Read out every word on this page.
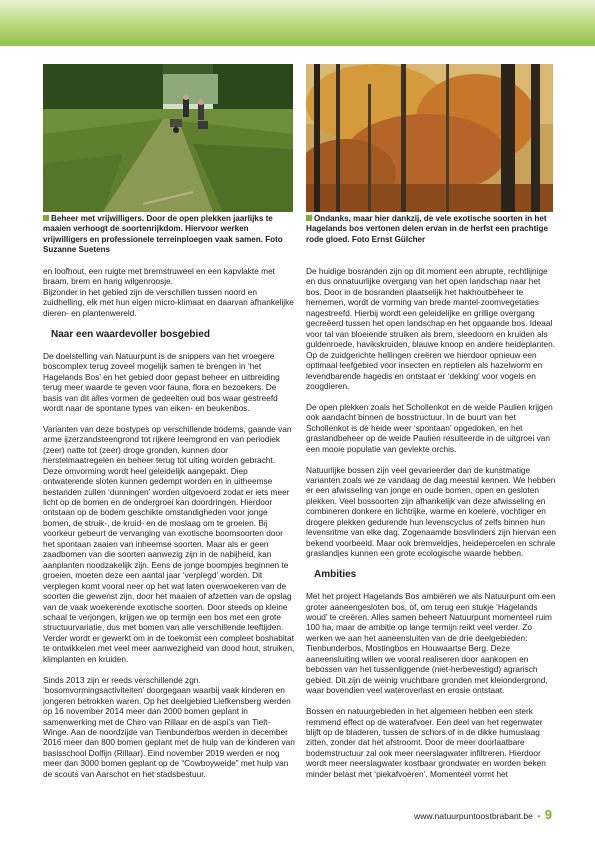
Beheer met vrijwilligers. Door de open plekken jaarlijks te maaien verhoogt de soortenrijkdom. Hiervoor werken vrijwilligers en professionele terreinploegen vaak samen. Foto Suzanne Suetens
Ondanks, maar hier dankzij, de vele exotische soorten in het Hagelands bos vertonen delen ervan in de herfst een prachtige rode gloed. Foto Ernst Gülcher

en loofhout, een ruigte met bremstruweel en een kapvlakte met braam, brem en harig wilgenroosje.
Bijzonder in het gebied zijn de verschillen tussen noord en zuidhelling, elk met hun eigen micro-klimaat en daarvan afhankelijke dieren- en plantenwereld.

Naar een waardevoller bosgebied

De doelstelling van Natuurpunt is de snippers van het vroegere boscomplex terug zoveel mogelijk samen te brengen in ‘het Hagelands Bos’ en het gebied door gepast beheer en uitbreiding terug meer waarde te geven voor fauna, flora en bezoekers. De basis van dit alles vormen de gedeelten oud bos waar gestreefd wordt naar de spontane types van eiken- en beukenbos.

Varianten van deze bostypes op verschillende bodems, gaande van arme ijzerzandsteengrond tot rijkere leemgrond en van periodiek (zeer) natte tot (zeer) droge gronden, kunnen door herstelmaatregelen en beheer terug tot uiting worden gebracht. Deze omvorming wordt heel geleidelijk aangepakt. Diep ontwaterende sloten kunnen gedempt worden en in uitheemse bestanden zullen ‘dunningen’ worden uitgevoerd zodat er iets meer licht op de bomen en de ondergroei kan doordringen. Hierdoor ontstaan op de bodem geschikte omstandigheden voor jonge bomen, de struik-, de kruid- en de moslaag om te groeien. Bij voorkeur gebeurt de vervanging van exotische boomsoorten door het spontaan zaaien van inheemse soorten. Maar als er geen zaadbomen van die soorten aanwezig zijn in de nabijheid, kan aanplanten noodzakelijk zijn. Eens de jonge boompjes beginnen te groeien, moeten deze een aantal jaar ‘verplegd’ worden. Dit verplegen komt vooral neer op het wat laten overwoekeren van de soorten die gewenst zijn, door het maaien of afzetten van de opslag van de vaak woekerende exotische soorten. Door steeds op kleine schaal te verjongen, krijgen we op termijn een bos met een grote structuurvariatie, dus met bomen van alle verschillende leeftijden. Verder wordt er gewerkt om in de toekomst een compleet boshabitat te ontwikkelen met veel meer aanwezigheid van dood hout, struiken, klimplanten en kruiden.

Sinds 2013 zijn er reeds verschillende zgn. ‘bosomvormingsactiviteiten’ doorgegaan waarbij vaak kinderen en jongeren betrokken waren. Op het deelgebied Liefkensberg werden op 16 november 2014 meer dan 2000 bomen geplant in samenwerking met de Chiro van Rillaar en de aspi’s van Tielt-Winge. Aan de noordzijde van Tienbunderbos werden in december 2016 meer dan 800 bomen geplant met de hulp van de kinderen van basisschool Dolfijn (Rillaar). Eind november 2019 werden er nog meer dan 3000 bomen geplant op de “Cowboyweide” met hulp van de scouts van Aarschot en het stadsbestuur.

De huidige bosranden zijn op dit moment een abrupte, rechtlijnige en dus onnatuurlijke overgang van het open landschap naar het bos. Door in de bosranden plaatselijk het hakhoutbeheer te hernemen, wordt de vorming van brede mantel-zoomvegetaties nagestreefd. Hierbij wordt een geleidelijke en grillige overgang gecreëerd tussen het open landschap en het opgaande bos. Ideaal voor tal van bloeiende struiken als brem, sleedoorn en kruiden als guldenroede, havikskruiden, blauwe knoop en andere heideplanten. Op de zuidgerichte hellingen creëren we hierdoor opnieuw een optimaal leefgebied voor insecten en reptielen als hazelworm en levendbarende hagedis en ontstaat er ‘dekking’ voor vogels en zoogdieren.

De open plekken zoals het Schollenkot en de weide Paulien krijgen ook aandacht binnen de bosstructuur. In de buurt van het Schollenkot is de heide weer ‘spontaan’ opgedoken, en het graslandbeheer op de weide Paulien resulteerde in de uitgroei van een mooie populatie van gevlekte orchis.

Natuurlijke bossen zijn veel gevarieerder dan de kunstmatige varianten zoals we ze vandaag de dag meestal kennen. We hebben er een afwisseling van jonge en oude bomen, open en gesloten plekken. Veel bossoorten zijn afhankelijk van deze afwisseling en combineren donkere en lichtrijke, warme en koelere, vochtiger en drogere plekken gedurende hun levenscyclus of zelfs binnen hun levensritme van elke dag. Zogenaamde bosvlinders zijn hiervan een bekend voorbeeld. Maar ook bremveldjes, heidepercelen en schrale graslandjes kunnen een grote ecologische waarde hebben.

Ambities

Met het project Hagelands Bos ambiëren we als Natuurpunt om een groter aaneengesloten bos, of, om terug een stukje ‘Hagelands woud’ te creëren. Alles samen beheert Natuurpunt momenteel ruim 100 ha, maar de ambitie op lange termijn reikt veel verder. Zo werken we aan het aaneensluiten van de drie deelgebieden: Tienbunderbos, Mostingbos en Houwaartse Berg. Deze aaneensluiting willen we vooral realiseren door aankopen en bebossen van het tussenliggende (niet-herbevestigd) agrarisch gebied. Dit zijn de weinig vruchtbare gronden met kleiondergrond, waar bovendien veel wateroverlast en erosie ontstaat.

Bossen en natuurgebieden in het algemeen hebben een sterk remmend effect op de waterafvoer. Een deel van het regenwater blijft op de bladeren, tussen de schors of in de dikke humuslaag zitten, zonder dat het afstroomt. Door de meer doorlaatbare bodemstructuur zal ook meer neerslagwater infiltreren. Hierdoor wordt meer neerslagwater kostbaar grondwater en worden beken minder belast met ‘piekafvoeren’. Momenteel vormt het

www.natuurpuntoostbrabant.be • 9
